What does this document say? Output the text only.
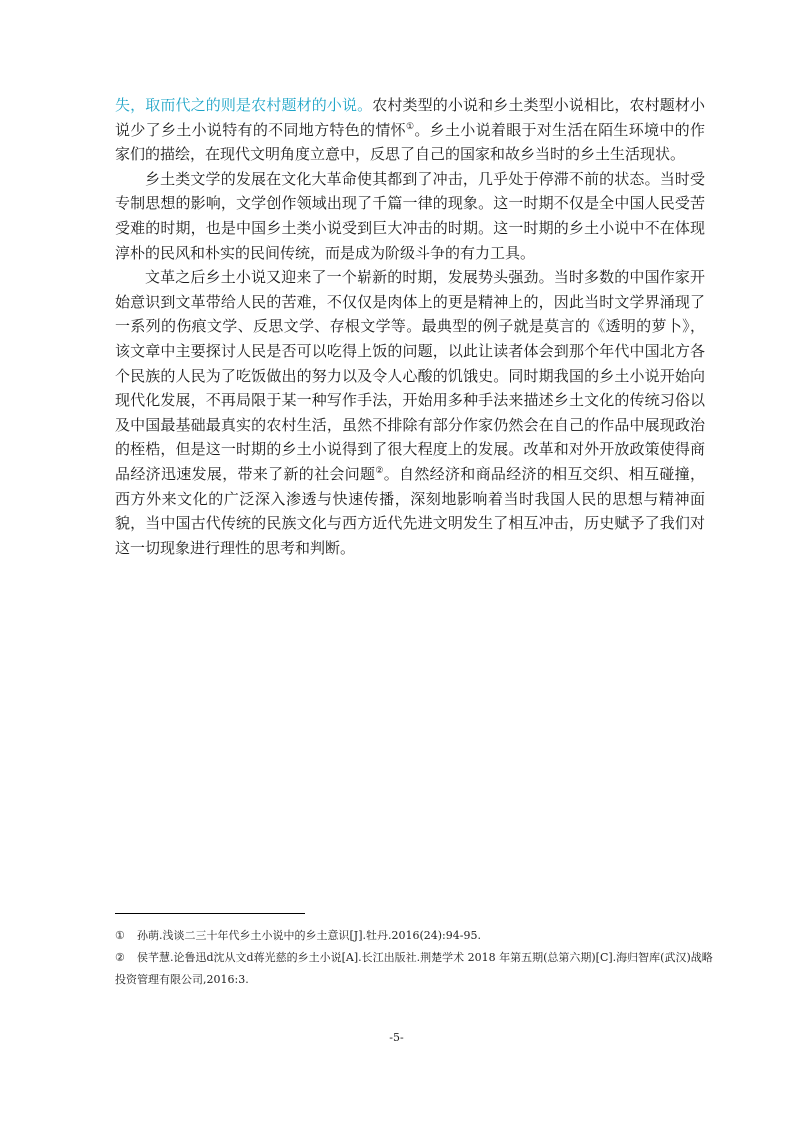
失，取而代之的则是农村题材的小说。农村类型的小说和乡土类型小说相比，农村题材小说少了乡土小说特有的不同地方特色的情怀①。乡土小说着眼于对生活在陌生环境中的作家们的描绘，在现代文明角度立意中，反思了自己的国家和故乡当时的乡土生活现状。

乡土类文学的发展在文化大革命使其都到了冲击，几乎处于停滞不前的状态。当时受专制思想的影响，文学创作领域出现了千篇一律的现象。这一时期不仅是全中国人民受苦受难的时期，也是中国乡土类小说受到巨大冲击的时期。这一时期的乡土小说中不在体现淳朴的民风和朴实的民间传统，而是成为阶级斗争的有力工具。

文革之后乡土小说又迎来了一个崭新的时期，发展势头强劲。当时多数的中国作家开始意识到文革带给人民的苦难，不仅仅是肉体上的更是精神上的，因此当时文学界涌现了一系列的伤痕文学、反思文学、存根文学等。最典型的例子就是莫言的《透明的萝卜》，该文章中主要探讨人民是否可以吃得上饭的问题，以此让读者体会到那个年代中国北方各个民族的人民为了吃饭做出的努力以及令人心酸的饥饿史。同时期我国的乡土小说开始向现代化发展，不再局限于某一种写作手法，开始用多种手法来描述乡土文化的传统习俗以及中国最基础最真实的农村生活，虽然不排除有部分作家仍然会在自己的作品中展现政治的桎梏，但是这一时期的乡土小说得到了很大程度上的发展。改革和对外开放政策使得商品经济迅速发展，带来了新的社会问题②。自然经济和商品经济的相互交织、相互碰撞，西方外来文化的广泛深入渗透与快速传播，深刻地影响着当时我国人民的思想与精神面貌，当中国古代传统的民族文化与西方近代先进文明发生了相互冲击，历史赋予了我们对这一切现象进行理性的思考和判断。

① 孙萌.浅谈二三十年代乡土小说中的乡土意识[J].牡丹.2016(24):94-95.

② 侯芊慧.论鲁迅d沈从文d蒋光慈的乡土小说[A].长江出版社.荆楚学术 2018 年第五期(总第六期)[C].海归智库(武汉)战略投资管理有限公司,2016:3.

-5-
